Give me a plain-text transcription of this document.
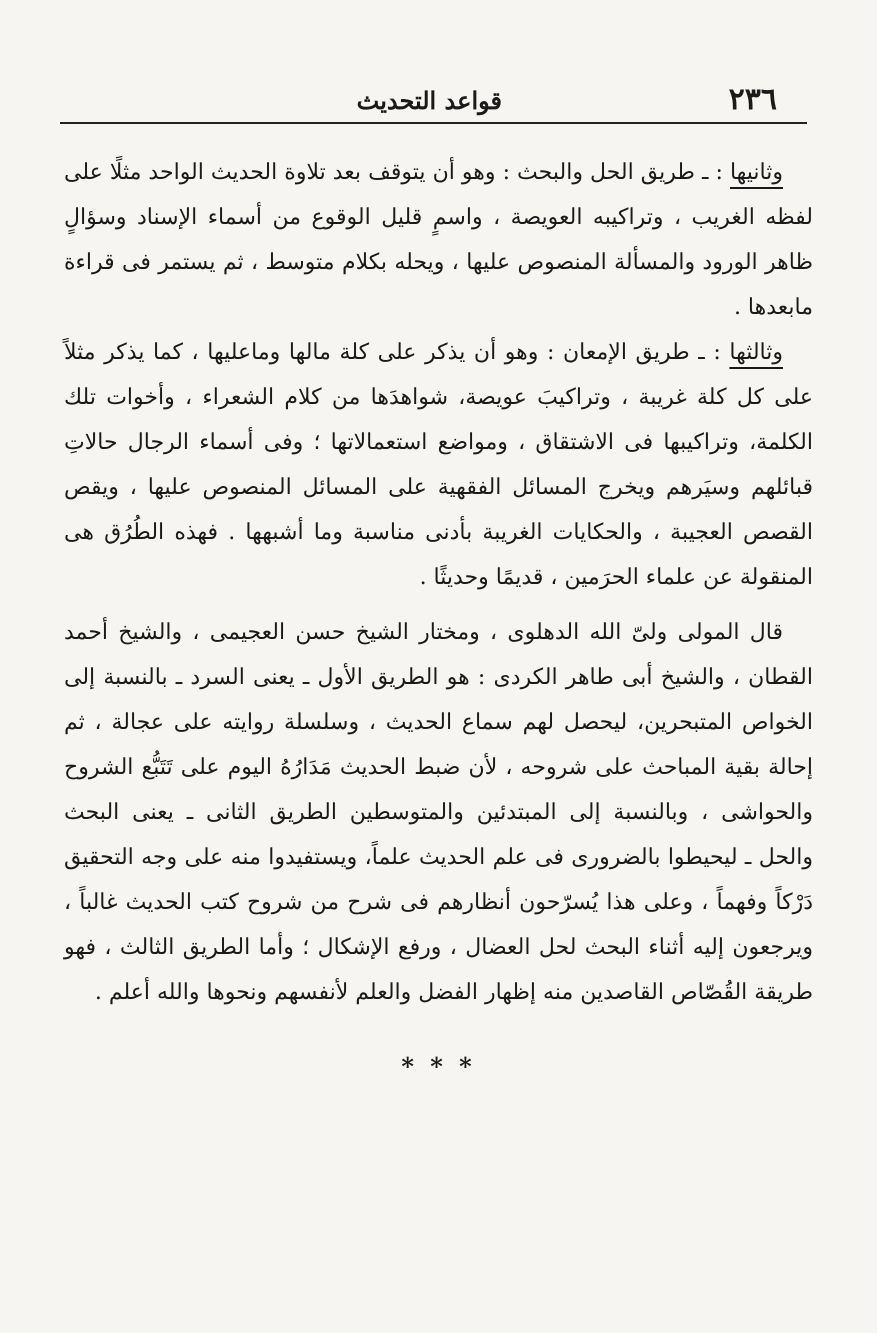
٢٣٦
قواعد التحديث

وثانيها : ـ طريق الحل والبحث : وهو أن يتوقف بعد تلاوة الحديث الواحد مثلًا على لفظه الغريب ، وتراكيبه العويصة ، واسمٍ قليل الوقوع من أسماء الإسناد وسؤالٍ ظاهر الورود والمسألة المنصوص عليها ، ويحله بكلام متوسط ، ثم يستمر فى قراءة مابعدها .

وثالثها : ـ طريق الإمعان : وهو أن يذكر على كلة مالها وماعليها ، كما يذكر مثلاً على كل كلة غريبة ، وتراكيبَ عويصة، شواهدَها من كلام الشعراء ، وأخوات تلك الكلمة، وتراكيبها فى الاشتقاق ، ومواضع استعمالاتها ؛ وفى أسماء الرجال حالاتِ قبائلهم وسيَرهم ويخرج المسائل الفقهية على المسائل المنصوص عليها ، ويقص القصص العجيبة ، والحكايات الغريبة بأدنى مناسبة وما أشبهها . فهذه الطُرُق هى المنقولة عن علماء الحرَمين ، قديمًا وحديثًا .

قال المولى ولىّ الله الدهلوى ، ومختار الشيخ حسن العجيمى ، والشيخ أحمد القطان ، والشيخ أبى طاهر الكردى : هو الطريق الأول ـ يعنى السرد ـ بالنسبة إلى الخواص المتبحرين، ليحصل لهم سماع الحديث ، وسلسلة روايته على عجالة ، ثم إحالة بقية المباحث على شروحه ، لأن ضبط الحديث مَدَارُهُ اليوم على تَتَبُّع الشروح والحواشى ، وبالنسبة إلى المبتدئين والمتوسطين الطريق الثانى ـ يعنى البحث والحل ـ ليحيطوا بالضرورى فى علم الحديث علماً، ويستفيدوا منه على وجه التحقيق دَرْكاً وفهماً ، وعلى هذا يُسرّحون أنظارهم فى شرح من شروح كتب الحديث غالباً ، ويرجعون إليه أثناء البحث لحل العضال ، ورفع الإشكال ؛ وأما الطريق الثالث ، فهو طريقة القُصّاص القاصدين منه إظهار الفضل والعلم لأنفسهم ونحوها والله أعلم .

* * *
